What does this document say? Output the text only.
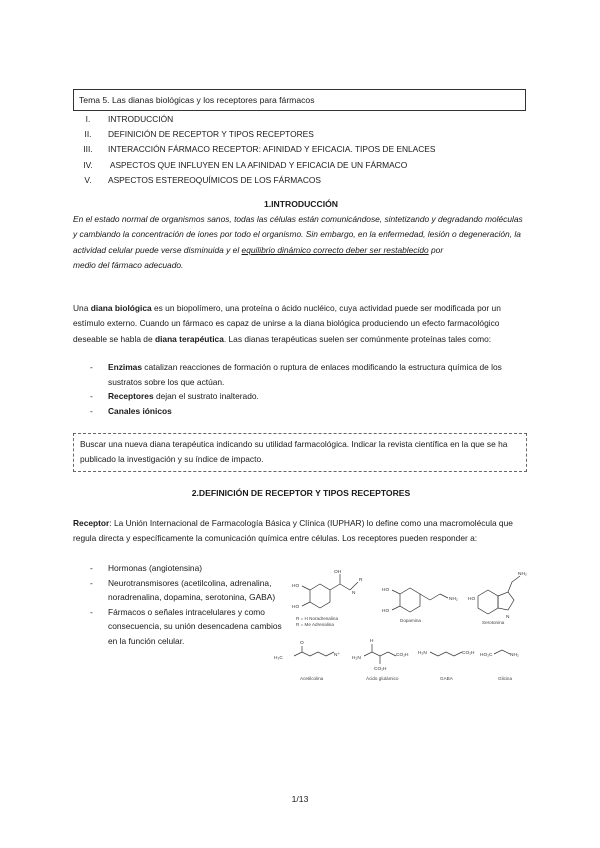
Tema 5. Las dianas biológicas y los receptores para fármacos
I.	INTRODUCCIÓN
II.	DEFINICIÓN DE RECEPTOR Y TIPOS RECEPTORES
III.	INTERACCIÓN FÁRMACO RECEPTOR: AFINIDAD Y EFICACIA. TIPOS DE ENLACES
IV.	ASPECTOS QUE INFLUYEN EN LA AFINIDAD Y EFICACIA DE UN FÁRMACO
V.	ASPECTOS ESTEREOQUÍMICOS DE LOS FÁRMACOS
1.INTRODUCCIÓN

En el estado normal de organismos sanos, todas las células están comunicándose, sintetizando y degradando moléculas y cambiando la concentración de iones por todo el organismo. Sin embargo, en la enfermedad, lesión o degeneración, la actividad celular puede verse disminuida y el equilibrio dinámico correcto deber ser restablecido por
medio del fármaco adecuado.

Una diana biológica es un biopolímero, una proteína o ácido nucléico, cuya actividad puede ser modificada por un estímulo externo. Cuando un fármaco es capaz de unirse a la diana biológica produciendo un efecto farmacológico deseable se habla de diana terapéutica. Las dianas terapéuticas suelen ser comúnmente proteínas tales como:

- Enzimas catalizan reacciones de formación o ruptura de enlaces modificando la estructura química de los sustratos sobre los que actúan.
- Receptores dejan el sustrato inalterado.
- Canales iónicos
Buscar una nueva diana terapéutica indicando su utilidad farmacológica. Indicar la revista científica en la que se ha publicado la investigación y su índice de impacto.
2.DEFINICIÓN DE RECEPTOR Y TIPOS RECEPTORES

Receptor: La Unión Internacional de Farmacología Básica y Clínica (IUPHAR) lo define como una macromolécula que regula directa y específicamente la comunicación química entre células. Los receptores pueden responder a:

- Hormonas (angiotensina)
- Neurotransmisores (acetilcolina, adrenalina, noradrenalina, dopamina, serotonina, GABA)
- Fármacos o señales intracelulares y como consecuencia, su unión desencadena cambios en la función celular.
HO
HO
OH
N
R
HO
HO
NH₂ HO
N
NH₂
H₃C
O
N⁺
H₂N
H
CO₂H
CO₂H
H₂N	CO₂H HO₂C	NH₂
R = H Noradrenalina
R = Me Adrenalina
Dopamina	Serotonina
Acetilcolina	Ácido glutámico	GABA	Glicina
1/13
